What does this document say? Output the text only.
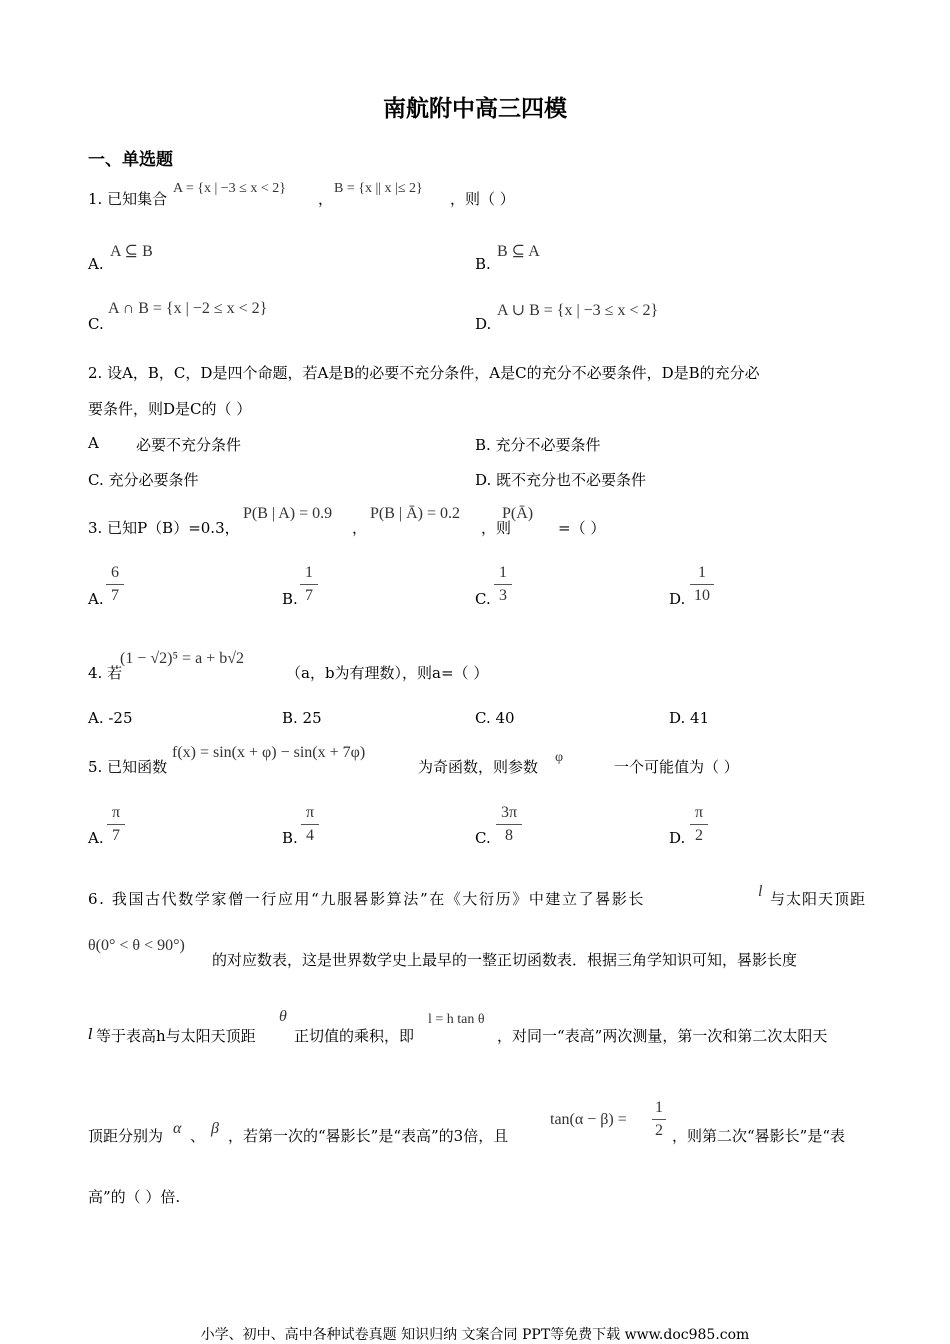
南航附中高三四模
一、单选题
1. 已知集合
A = {x | −3 ≤ x < 2}
，
B = {x || x |≤ 2}
，则（ ）
A.
A ⊆ B
B.
B ⊆ A
C.
A ∩ B = {x | −2 ≤ x < 2}
D.
A ∪ B = {x | −3 ≤ x < 2}
2. 设A，B，C，D是四个命题，若A是B的必要不充分条件，A是C的充分不必要条件，D是B的充分必
要条件，则D是C的（ ）
A 必要不充分条件	B. 充分不必要条件
C. 充分必要条件	D. 既不充分也不必要条件
3. 已知P（B）=0.3，
P(B | A) = 0.9
，
P(B | Ā) = 0.2
，则
P(Ā)
=（ ）
A.
6
7	B.
1
7	C.
1
3	D.
1
10
4. 若
(1 − √2)⁵ = a + b√2
（a，b为有理数），则a=（ ）
A. -25	B. 25	C. 40	D. 41
5. 已知函数
f(x) = sin(x + φ) − sin(x + 7φ)
为奇函数，则参数
φ
一个可能值为（ ）
A.
π
7	B.
π
4	C.
3π
8	D.
π
2
6. 我国古代数学家僧一行应用“九服晷影算法”在《大衍历》中建立了晷影长	l 与太阳天顶距
θ(0° < θ < 90°)
的对应数表，这是世界数学史上最早的一整正切函数表．根据三角学知识可知，晷影长度
l 等于表高h与太阳天顶距
θ
正切值的乘积，即
l = h tan θ
，对同一“表高”两次测量，第一次和第二次太阳天
顶距分别为 α 、 β ，若第一次的“晷影长”是“表高”的3倍，且
tan(α − β) =
1
2 ，则第二次“晷影长”是“表
高”的（ ）倍.
小学、初中、高中各种试卷真题 知识归纳 文案合同 PPT等免费下载 www.doc985.com
